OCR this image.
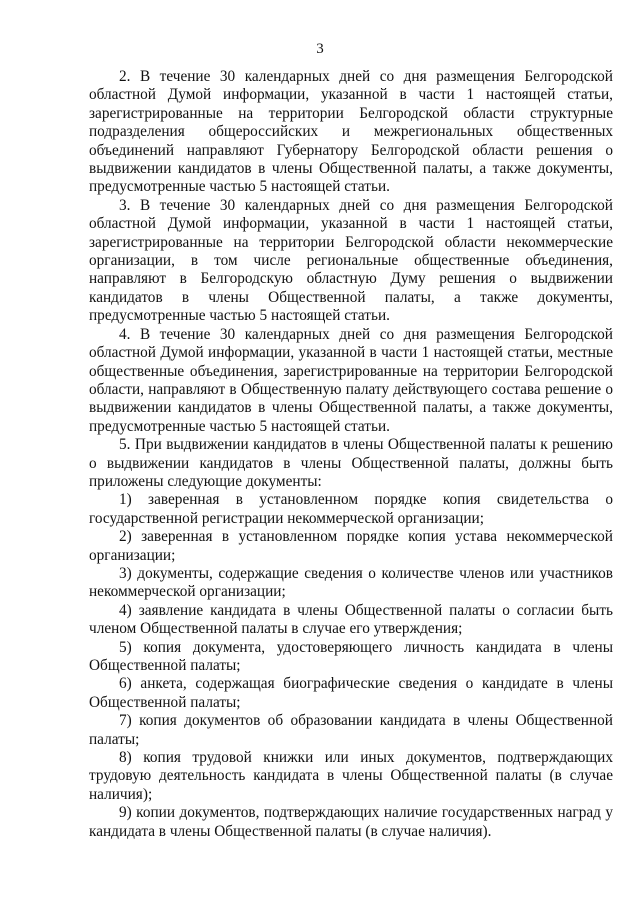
3

2. В течение 30 календарных дней со дня размещения Белгородской областной Думой информации, указанной в части 1 настоящей статьи, зарегистрированные на территории Белгородской области структурные подразделения общероссийских и межрегиональных общественных объединений направляют Губернатору Белгородской области решения о выдвижении кандидатов в члены Общественной палаты, а также документы, предусмотренные частью 5 настоящей статьи.

3. В течение 30 календарных дней со дня размещения Белгородской областной Думой информации, указанной в части 1 настоящей статьи, зарегистрированные на территории Белгородской области некоммерческие организации, в том числе региональные общественные объединения, направляют в Белгородскую областную Думу решения о выдвижении кандидатов в члены Общественной палаты, а также документы, предусмотренные частью 5 настоящей статьи.

4. В течение 30 календарных дней со дня размещения Белгородской областной Думой информации, указанной в части 1 настоящей статьи, местные общественные объединения, зарегистрированные на территории Белгородской области, направляют в Общественную палату действующего состава решение о выдвижении кандидатов в члены Общественной палаты, а также документы, предусмотренные частью 5 настоящей статьи.

5. При выдвижении кандидатов в члены Общественной палаты к решению о выдвижении кандидатов в члены Общественной палаты, должны быть приложены следующие документы:

1) заверенная в установленном порядке копия свидетельства о государственной регистрации некоммерческой организации;

2) заверенная в установленном порядке копия устава некоммерческой организации;

3) документы, содержащие сведения о количестве членов или участников некоммерческой организации;

4) заявление кандидата в члены Общественной палаты о согласии быть членом Общественной палаты в случае его утверждения;

5) копия документа, удостоверяющего личность кандидата в члены Общественной палаты;

6) анкета, содержащая биографические сведения о кандидате в члены Общественной палаты;

7) копия документов об образовании кандидата в члены Общественной палаты;

8) копия трудовой книжки или иных документов, подтверждающих трудовую деятельность кандидата в члены Общественной палаты (в случае наличия);

9) копии документов, подтверждающих наличие государственных наград у кандидата в члены Общественной палаты (в случае наличия).
